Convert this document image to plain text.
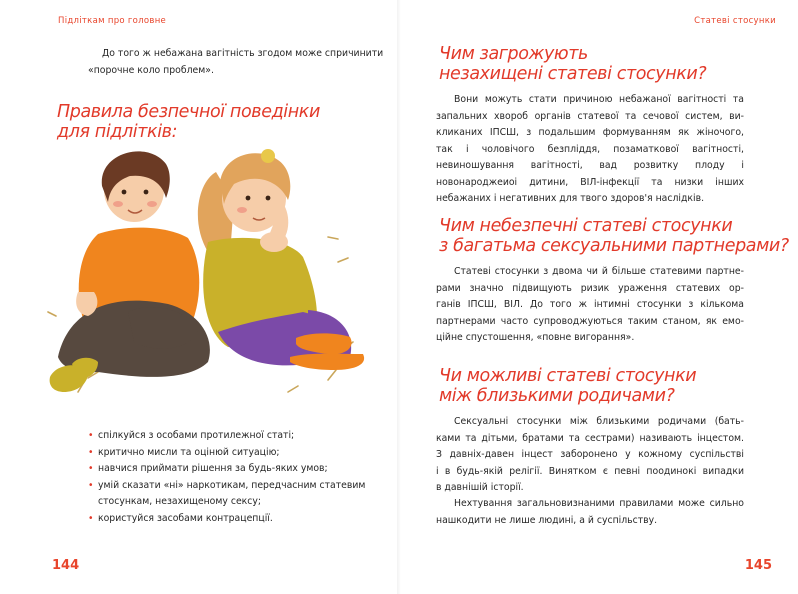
Підліткам про головне

До того ж небажана вагітність згодом може спричинити
«порочне коло проблем».

Правила безпечної поведінки
для підлітків:
• спілкуйся з особами протилежної статі;
• критично мисли та оцінюй ситуацію;
• навчися приймати рішення за будь-яких умов;
• умій сказати «ні» наркотикам, передчасним статевим
стосункам, незахищеному сексу;
• користуйся засобами контрацепції.
144
Статеві стосунки
Чим загрожують
незахищені статеві стосунки?

Вони можуть стати причиною небажаної вагітності та
запальних хвороб органів статевої та сечової систем, ви-
кликаних ІПСШ, з подальшим формуванням як жіночого,

так і чоловічого безпліддя, позаматкової вагітності, невиношування вагітності, вад розвитку плоду і новонароджеиоі дитини, ВІЛ-інфекції та низки інших небажаних і негативних для твого здоров'я наслідків.

Чим небезпечні статеві стосунки
з багатьма сексуальними партнерами?

Статеві стосунки з двома чи й більше статевими партне-
рами значно підвищують ризик ураження статевих ор-
ганів ІПСШ, ВІЛ. До того ж інтимні стосунки з кількома
партнерами часто супроводжуються таким станом, як емо-
ційне спустошення, «повне вигорання».

Чи можливі статеві стосунки
між близькими родичами?

Сексуальні стосунки між близькими родичами (бать-
ками та дітьми, братами та сестрами) називають інцестом.
З давніх-давен інцест заборонено у кожному суспільстві
і в будь-якій релігії. Винятком є певні поодинокі випадки
в давнішій історії.

Нехтування загальновизнаними правилами може сильно
нашкодити не лише людині, а й суспільству.

145
